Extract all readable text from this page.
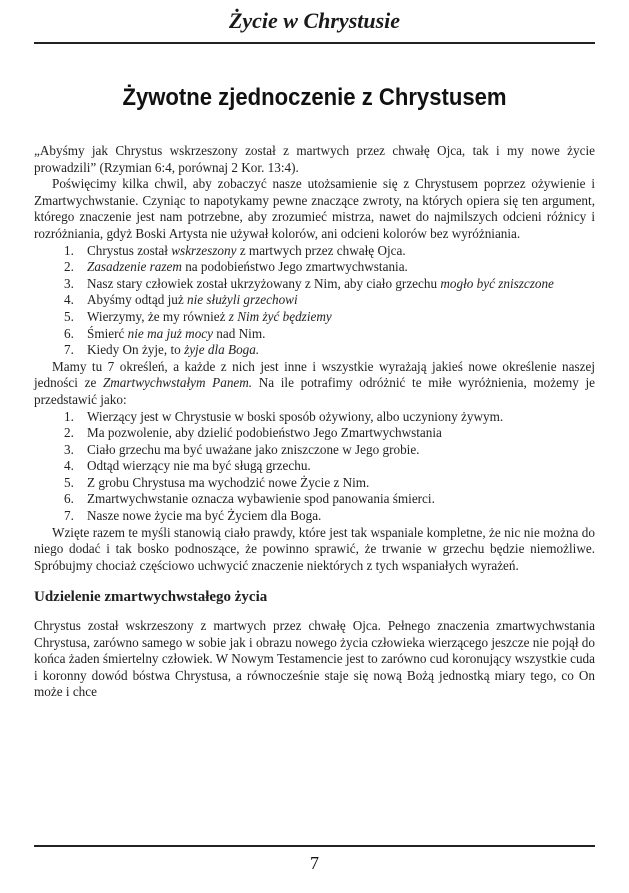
Życie w Chrystusie
Żywotne zjednoczenie z Chrystusem

„Abyśmy jak Chrystus wskrzeszony został z martwych przez chwałę Ojca, tak i my nowe życie prowadzili” (Rzymian 6:4, porównaj 2 Kor. 13:4).

Poświęcimy kilka chwil, aby zobaczyć nasze utożsamienie się z Chrystusem poprzez ożywienie i Zmartwychwstanie. Czyniąc to napotykamy pewne znaczące zwroty, na których opiera się ten argument, którego znaczenie jest nam potrzebne, aby zrozumieć mistrza, nawet do najmilszych odcieni różnicy i rozróżniania, gdyż Boski Artysta nie używał kolorów, ani odcieni kolorów bez wyróżniania.

1. Chrystus został wskrzeszony z martwych przez chwałę Ojca.
2. Zasadzenie razem na podobieństwo Jego zmartwychwstania.
3. Nasz stary człowiek został ukrzyżowany z Nim, aby ciało grzechu mogło być zniszczone
4. Abyśmy odtąd już nie służyli grzechowi
5. Wierzymy, że my również z Nim żyć będziemy
6. Śmierć nie ma już mocy nad Nim.
7. Kiedy On żyje, to żyje dla Boga.

Mamy tu 7 określeń, a każde z nich jest inne i wszystkie wyrażają jakieś nowe określenie naszej jedności ze Zmartwychwstałym Panem. Na ile potrafimy odróżnić te miłe wyróżnienia, możemy je przedstawić jako:

1. Wierzący jest w Chrystusie w boski sposób ożywiony, albo uczyniony żywym.
2. Ma pozwolenie, aby dzielić podobieństwo Jego Zmartwychwstania
3. Ciało grzechu ma być uważane jako zniszczone w Jego grobie.
4. Odtąd wierzący nie ma być sługą grzechu.
5. Z grobu Chrystusa ma wychodzić nowe Życie z Nim.
6. Zmartwychwstanie oznacza wybawienie spod panowania śmierci.
7. Nasze nowe życie ma być Życiem dla Boga.

Wzięte razem te myśli stanowią ciało prawdy, które jest tak wspaniale kompletne, że nic nie można do niego dodać i tak bosko podnoszące, że powinno sprawić, że trwanie w grzechu będzie niemożliwe. Spróbujmy chociaż częściowo uchwycić znaczenie niektórych z tych wspaniałych wyrażeń.

Udzielenie zmartwychwstałego życia

Chrystus został wskrzeszony z martwych przez chwałę Ojca. Pełnego znaczenia zmartwychwstania Chrystusa, zarówno samego w sobie jak i obrazu nowego życia człowieka wierzącego jeszcze nie pojął do końca żaden śmiertelny człowiek. W Nowym Testamencie jest to zarówno cud koronujący wszystkie cuda i koronny dowód bóstwa Chrystusa, a równocześnie staje się nową Bożą jednostką miary tego, co On może i chce

7
